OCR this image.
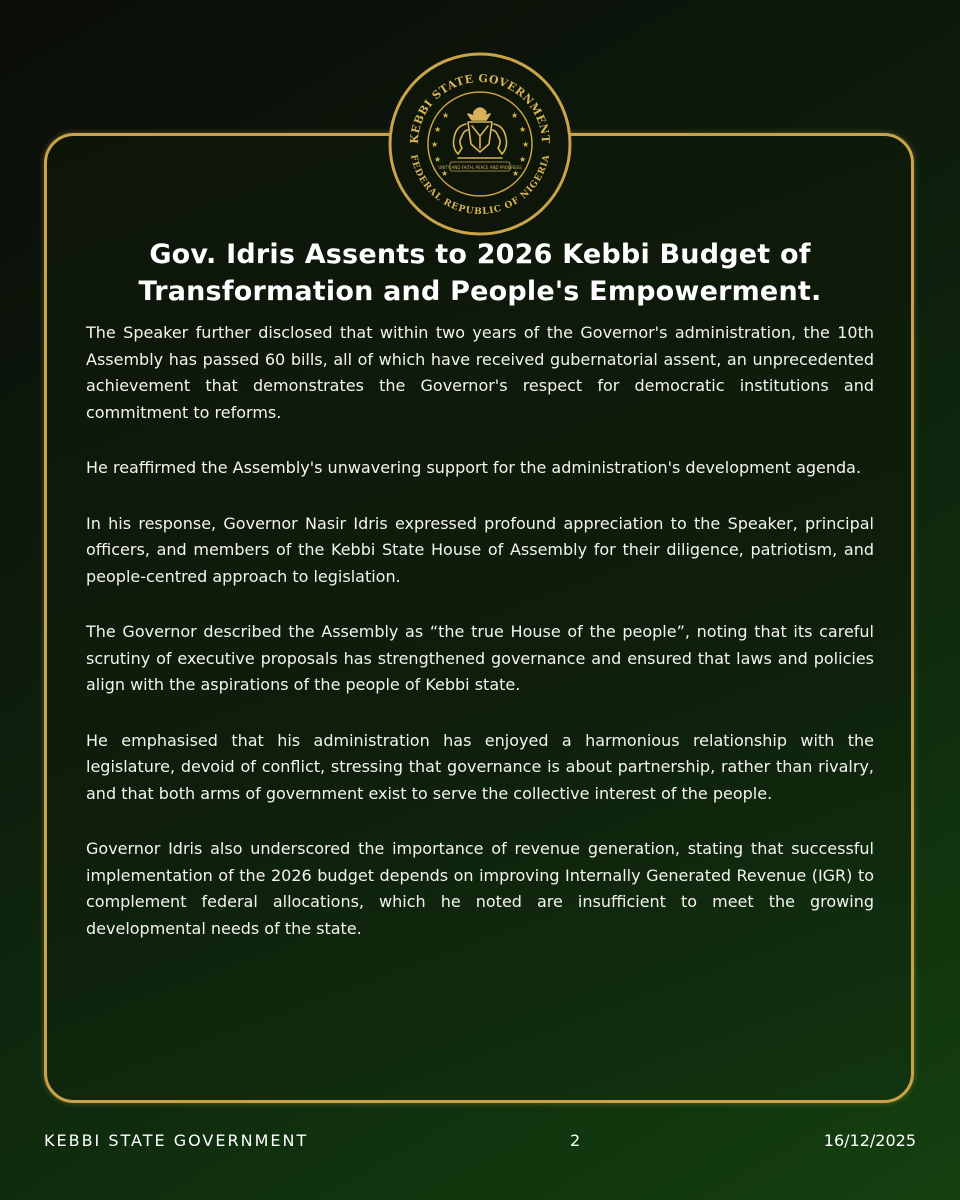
KEBBI STATE GOVERNMENT
FEDERAL REPUBLIC OF NIGERIA
★
★
★
★
★
★
★
★
★
★
UNITY AND FAITH, PEACE AND PROGRESS
Gov. Idris Assents to 2026 Kebbi Budget of
Transformation and People's Empowerment.

The Speaker further disclosed that within two years of the Governor's administration, the 10th Assembly has passed 60 bills, all of which have received gubernatorial assent, an unprecedented achievement that demonstrates the Governor's respect for democratic institutions and commitment to reforms.

He reaffirmed the Assembly's unwavering support for the administration's development agenda.

In his response, Governor Nasir Idris expressed profound appreciation to the Speaker, principal officers, and members of the Kebbi State House of Assembly for their diligence, patriotism, and people-centred approach to legislation.

The Governor described the Assembly as “the true House of the people”, noting that its careful scrutiny of executive proposals has strengthened governance and ensured that laws and policies align with the aspirations of the people of Kebbi state.

He emphasised that his administration has enjoyed a harmonious relationship with the legislature, devoid of conflict, stressing that governance is about partnership, rather than rivalry, and that both arms of government exist to serve the collective interest of the people.

Governor Idris also underscored the importance of revenue generation, stating that successful implementation of the 2026 budget depends on improving Internally Generated Revenue (IGR) to complement federal allocations, which he noted are insufficient to meet the growing developmental needs of the state.

KEBBI STATE GOVERNMENT	2	16/12/2025
